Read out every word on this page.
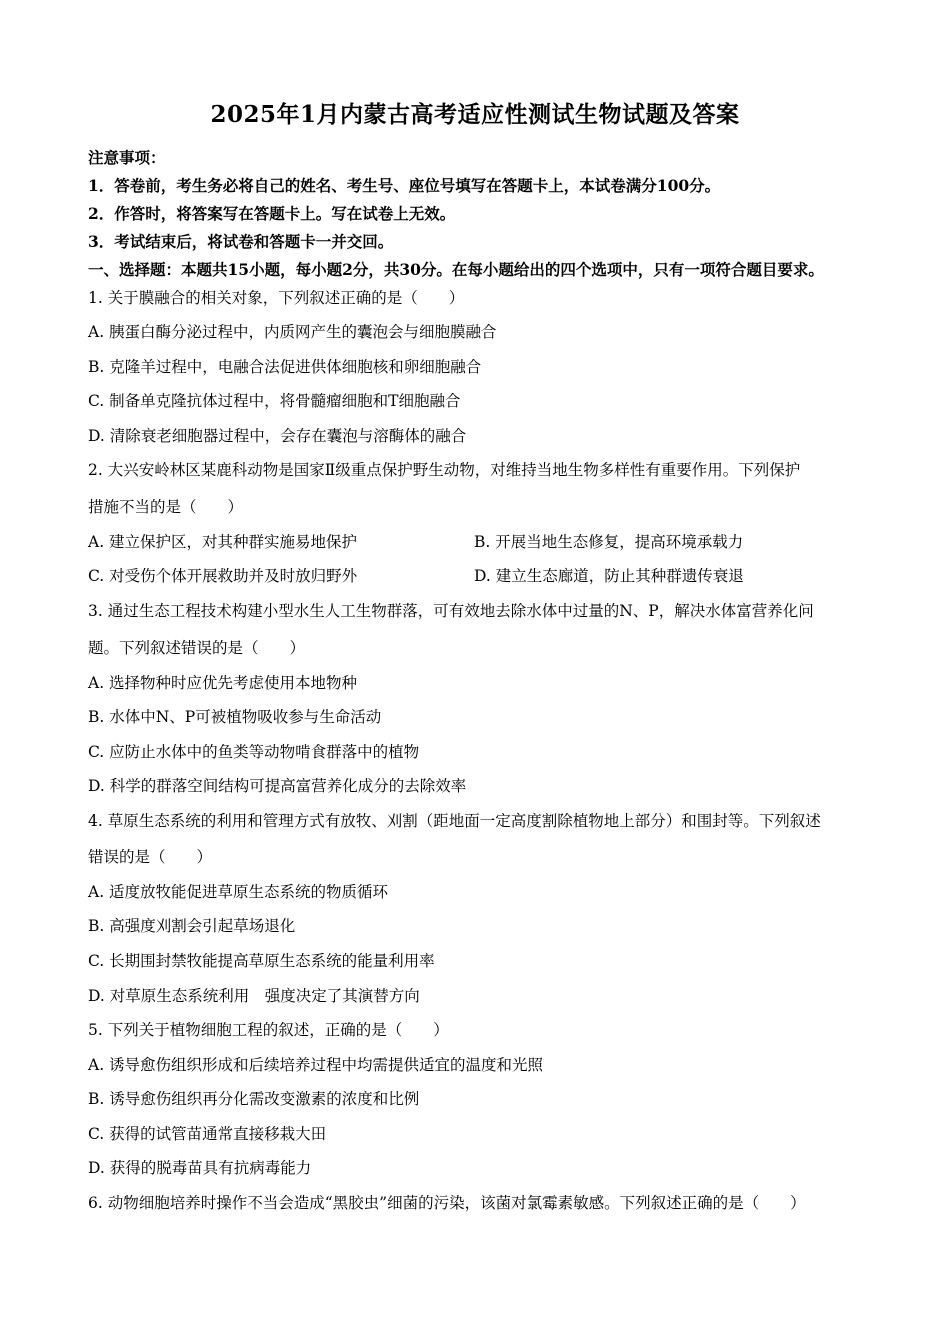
2025年1月内蒙古高考适应性测试生物试题及答案
注意事项：
1．答卷前，考生务必将自己的姓名、考生号、座位号填写在答题卡上，本试卷满分100分。
2．作答时，将答案写在答题卡上。写在试卷上无效。
3．考试结束后，将试卷和答题卡一并交回。
一、选择题：本题共15小题，每小题2分，共30分。在每小题给出的四个选项中，只有一项符合题目要求。
1. 关于膜融合的相关对象，下列叙述正确的是（　　）
A. 胰蛋白酶分泌过程中，内质网产生的囊泡会与细胞膜融合
B. 克隆羊过程中，电融合法促进供体细胞核和卵细胞融合
C. 制备单克隆抗体过程中，将骨髓瘤细胞和T细胞融合
D. 清除衰老细胞器过程中，会存在囊泡与溶酶体的融合
2. 大兴安岭林区某鹿科动物是国家Ⅱ级重点保护野生动物，对维持当地生物多样性有重要作用。下列保护
措施不当的是（　　）
A. 建立保护区，对其种群实施易地保护	B. 开展当地生态修复，提高环境承载力
C. 对受伤个体开展救助并及时放归野外	D. 建立生态廊道，防止其种群遗传衰退
3. 通过生态工程技术构建小型水生人工生物群落，可有效地去除水体中过量的N、P，解决水体富营养化问
题。下列叙述错误的是（　　）
A. 选择物种时应优先考虑使用本地物种
B. 水体中N、P可被植物吸收参与生命活动
C. 应防止水体中的鱼类等动物啃食群落中的植物
D. 科学的群落空间结构可提高富营养化成分的去除效率
4. 草原生态系统的利用和管理方式有放牧、刈割（距地面一定高度割除植物地上部分）和围封等。下列叙述
错误的是（　　）
A. 适度放牧能促进草原生态系统的物质循环
B. 高强度刈割会引起草场退化
C. 长期围封禁牧能提高草原生态系统的能量利用率
D. 对草原生态系统利用　强度决定了其演替方向
5. 下列关于植物细胞工程的叙述，正确的是（　　）
A. 诱导愈伤组织形成和后续培养过程中均需提供适宜的温度和光照
B. 诱导愈伤组织再分化需改变激素的浓度和比例
C. 获得的试管苗通常直接移栽大田
D. 获得的脱毒苗具有抗病毒能力
6. 动物细胞培养时操作不当会造成“黑胶虫”细菌的污染，该菌对氯霉素敏感。下列叙述正确的是（　　）
